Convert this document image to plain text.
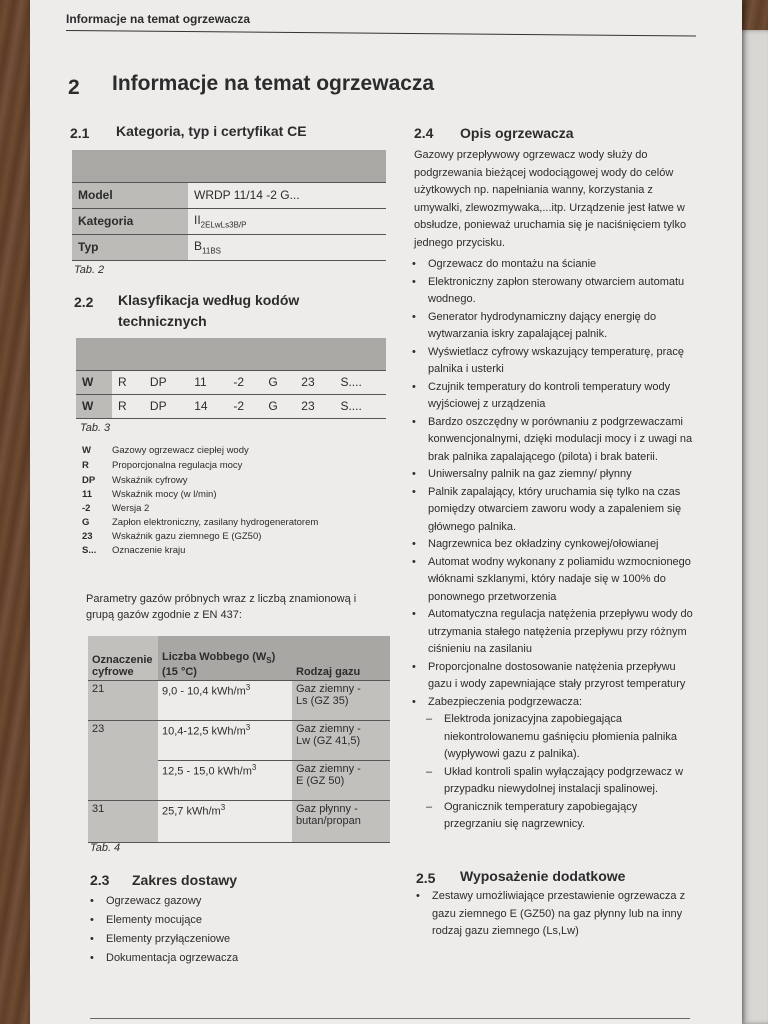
Informacje na temat ogrzewacza
2 Informacje na temat ogrzewacza
2.1 Kategoria, typ i certyfikat CE

Model	WRDP 11/14 -2 G...
Kategoria	$II_{2ELwLs3B/P}$
Typ	$B_{11BS}$
Tab. 2
2.2 Klasyfikacja według kodów
technicznych

W	R	DP	11	-2	G	23	S....
W	R	DP	14	-2	G	23	S....
Tab. 3
W Gazowy ogrzewacz ciepłej wody
R Proporcjonalna regulacja mocy
DP Wskaźnik cyfrowy
11 Wskaźnik mocy (w l/min)
-2 Wersja 2
G Zapłon elektroniczny, zasilany hydrogeneratorem
23 Wskaźnik gazu ziemnego E (GZ50)
S... Oznaczenie kraju
Parametry gazów próbnych wraz z liczbą znamionową i
grupą gazów zgodnie z EN 437:
Oznaczenie
cyfrowe	Liczba Wobbego $(W_S)$
(15 °C)	Rodzaj gazu
21	9,0 - 10,4 kWh/$m^3$	Gaz ziemny -
Ls (GZ 35)
23	10,4-12,5 kWh/$m^3$	Gaz ziemny -
Lw (GZ 41,5)
	12,5 - 15,0 kWh/$m^3$	Gaz ziemny -
E (GZ 50)
31	25,7 kWh/$m^3$	Gaz płynny -
butan/propan
Tab. 4
2.3 Zakres dostawy
• Ogrzewacz gazowy
• Elementy mocujące
• Elementy przyłączeniowe
• Dokumentacja ogrzewacza
2.4 Opis ogrzewacza
Gazowy przepływowy ogrzewacz wody służy do
podgrzewania bieżącej wodociągowej wody do celów
użytkowych np. napełniania wanny, korzystania z
umywalki, zlewozmywaka,...itp. Urządzenie jest łatwe w
obsłudze, ponieważ uruchamia się je naciśnięciem tylko
jednego przycisku.
• Ogrzewacz do montażu na ścianie
• Elektroniczny zapłon sterowany otwarciem automatu
wodnego.
• Generator hydrodynamiczny dający energię do
wytwarzania iskry zapalającej palnik.
• Wyświetlacz cyfrowy wskazujący temperaturę, pracę
palnika i usterki
• Czujnik temperatury do kontroli temperatury wody
wyjściowej z urządzenia
• Bardzo oszczędny w porównaniu z podgrzewaczami
konwencjonalnymi, dzięki modulacji mocy i z uwagi na
brak palnika zapalającego (pilota) i brak baterii.
• Uniwersalny palnik na gaz ziemny/ płynny
• Palnik zapalający, który uruchamia się tylko na czas
pomiędzy otwarciem zaworu wody a zapaleniem się
głównego palnika.
• Nagrzewnica bez okładziny cynkowej/ołowianej
• Automat wodny wykonany z poliamidu wzmocnionego
włóknami szklanymi, który nadaje się w 100% do
ponownego przetworzenia
• Automatyczna regulacja natężenia przepływu wody do
utrzymania stałego natężenia przepływu przy różnym
ciśnieniu na zasilaniu
• Proporcjonalne dostosowanie natężenia przepływu
gazu i wody zapewniające stały przyrost temperatury
• Zabezpieczenia podgrzewacza:
– Elektroda jonizacyjna zapobiegająca
niekontrolowanemu gaśnięciu płomienia palnika
(wypływowi gazu z palnika).
– Układ kontroli spalin wyłączający podgrzewacz w
przypadku niewydolnej instalacji spalinowej.
– Ogranicznik temperatury zapobiegający
przegrzaniu się nagrzewnicy.
2.5 Wyposażenie dodatkowe
• Zestawy umożliwiające przestawienie ogrzewacza z
gazu ziemnego E (GZ50) na gaz płynny lub na inny
rodzaj gazu ziemnego (Ls,Lw)
